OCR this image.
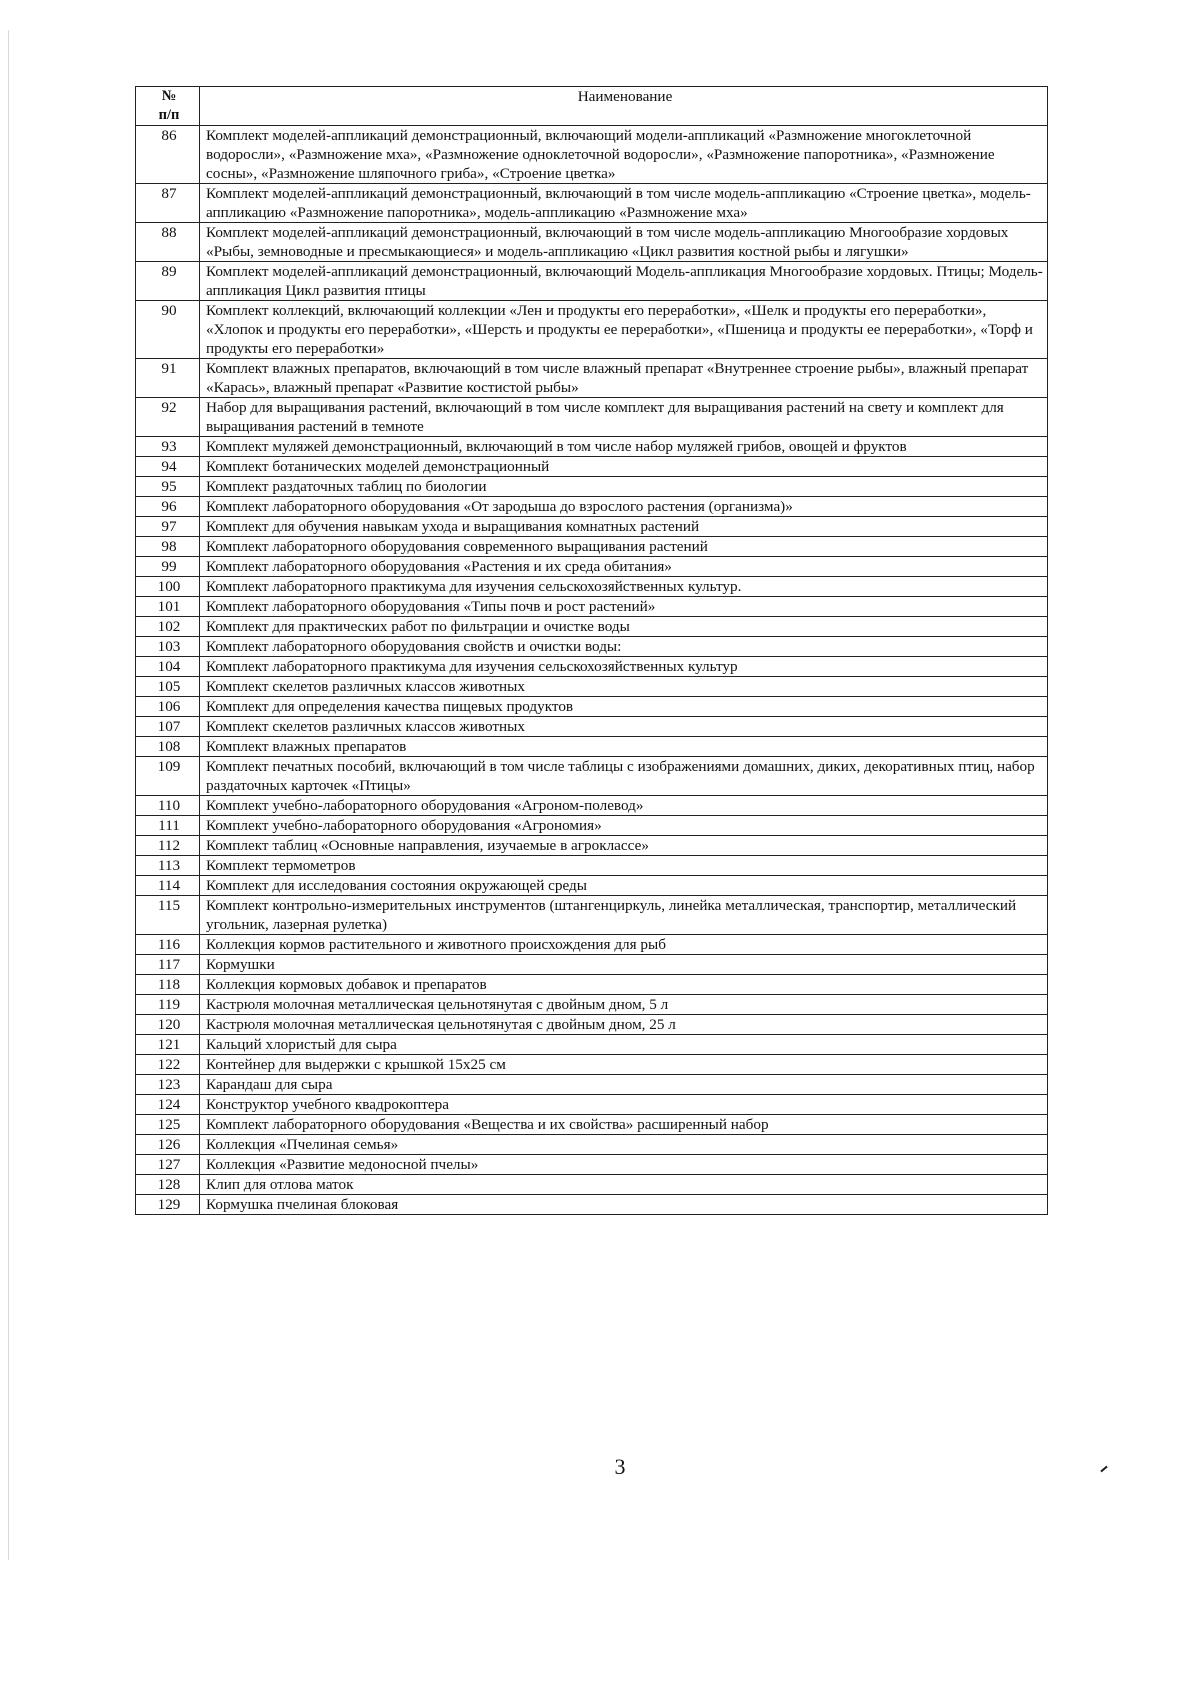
№
п/п	Наименование
86	Комплект моделей-аппликаций демонстрационный, включающий модели-аппликаций «Размножение многоклеточной водоросли», «Размножение мха», «Размножение одноклеточной водоросли», «Размножение папоротника», «Размножение сосны», «Размножение шляпочного гриба», «Строение цветка»
87	Комплект моделей-аппликаций демонстрационный, включающий в том числе модель-аппликацию «Строение цветка», модель-аппликацию «Размножение папоротника», модель-аппликацию «Размножение мха»
88	Комплект моделей-аппликаций демонстрационный, включающий в том числе модель-аппликацию Многообразие хордовых «Рыбы, земноводные и пресмыкающиеся» и модель-аппликацию «Цикл развития костной рыбы и лягушки»
89	Комплект моделей-аппликаций демонстрационный, включающий Модель-аппликация Многообразие хордовых. Птицы; Модель-аппликация Цикл развития птицы
90	Комплект коллекций, включающий коллекции «Лен и продукты его переработки», «Шелк и продукты его переработки», «Хлопок и продукты его переработки», «Шерсть и продукты ее переработки», «Пшеница и продукты ее переработки», «Торф и продукты его переработки»
91	Комплект влажных препаратов, включающий в том числе влажный препарат «Внутреннее строение рыбы», влажный препарат «Карась», влажный препарат «Развитие костистой рыбы»
92	Набор для выращивания растений, включающий в том числе комплект для выращивания растений на свету и комплект для выращивания растений в темноте
93	Комплект муляжей демонстрационный, включающий в том числе набор муляжей грибов, овощей и фруктов
94	Комплект ботанических моделей демонстрационный
95	Комплект раздаточных таблиц по биологии
96	Комплект лабораторного оборудования «От зародыша до взрослого растения (организма)»
97	Комплект для обучения навыкам ухода и выращивания комнатных растений
98	Комплект лабораторного оборудования современного выращивания растений
99	Комплект лабораторного оборудования «Растения и их среда обитания»
100	Комплект лабораторного практикума для изучения сельскохозяйственных культур.
101	Комплект лабораторного оборудования «Типы почв и рост растений»
102	Комплект для практических работ по фильтрации и очистке воды
103	Комплект лабораторного оборудования свойств и очистки воды:
104	Комплект лабораторного практикума для изучения сельскохозяйственных культур
105	Комплект скелетов различных классов животных
106	Комплект для определения качества пищевых продуктов
107	Комплект скелетов различных классов животных
108	Комплект влажных препаратов
109	Комплект печатных пособий, включающий в том числе таблицы с изображениями домашних, диких, декоративных птиц, набор раздаточных карточек «Птицы»
110	Комплект учебно-лабораторного оборудования «Агроном-полевод»
111	Комплект учебно-лабораторного оборудования «Агрономия»
112	Комплект таблиц «Основные направления, изучаемые в агроклассе»
113	Комплект термометров
114	Комплект для исследования состояния окружающей среды
115	Комплект контрольно-измерительных инструментов (штангенциркуль, линейка металлическая, транспортир, металлический угольник, лазерная рулетка)
116	Коллекция кормов растительного и животного происхождения для рыб
117	Кормушки
118	Коллекция кормовых добавок и препаратов
119	Кастрюля молочная металлическая цельнотянутая с двойным дном, 5 л
120	Кастрюля молочная металлическая цельнотянутая с двойным дном, 25 л
121	Кальций хлористый для сыра
122	Контейнер для выдержки с крышкой 15х25 см
123	Карандаш для сыра
124	Конструктор учебного квадрокоптера
125	Комплект лабораторного оборудования «Вещества и их свойства» расширенный набор
126	Коллекция «Пчелиная семья»
127	Коллекция «Развитие медоносной пчелы»
128	Клип для отлова маток
129	Кормушка пчелиная блоковая
3
